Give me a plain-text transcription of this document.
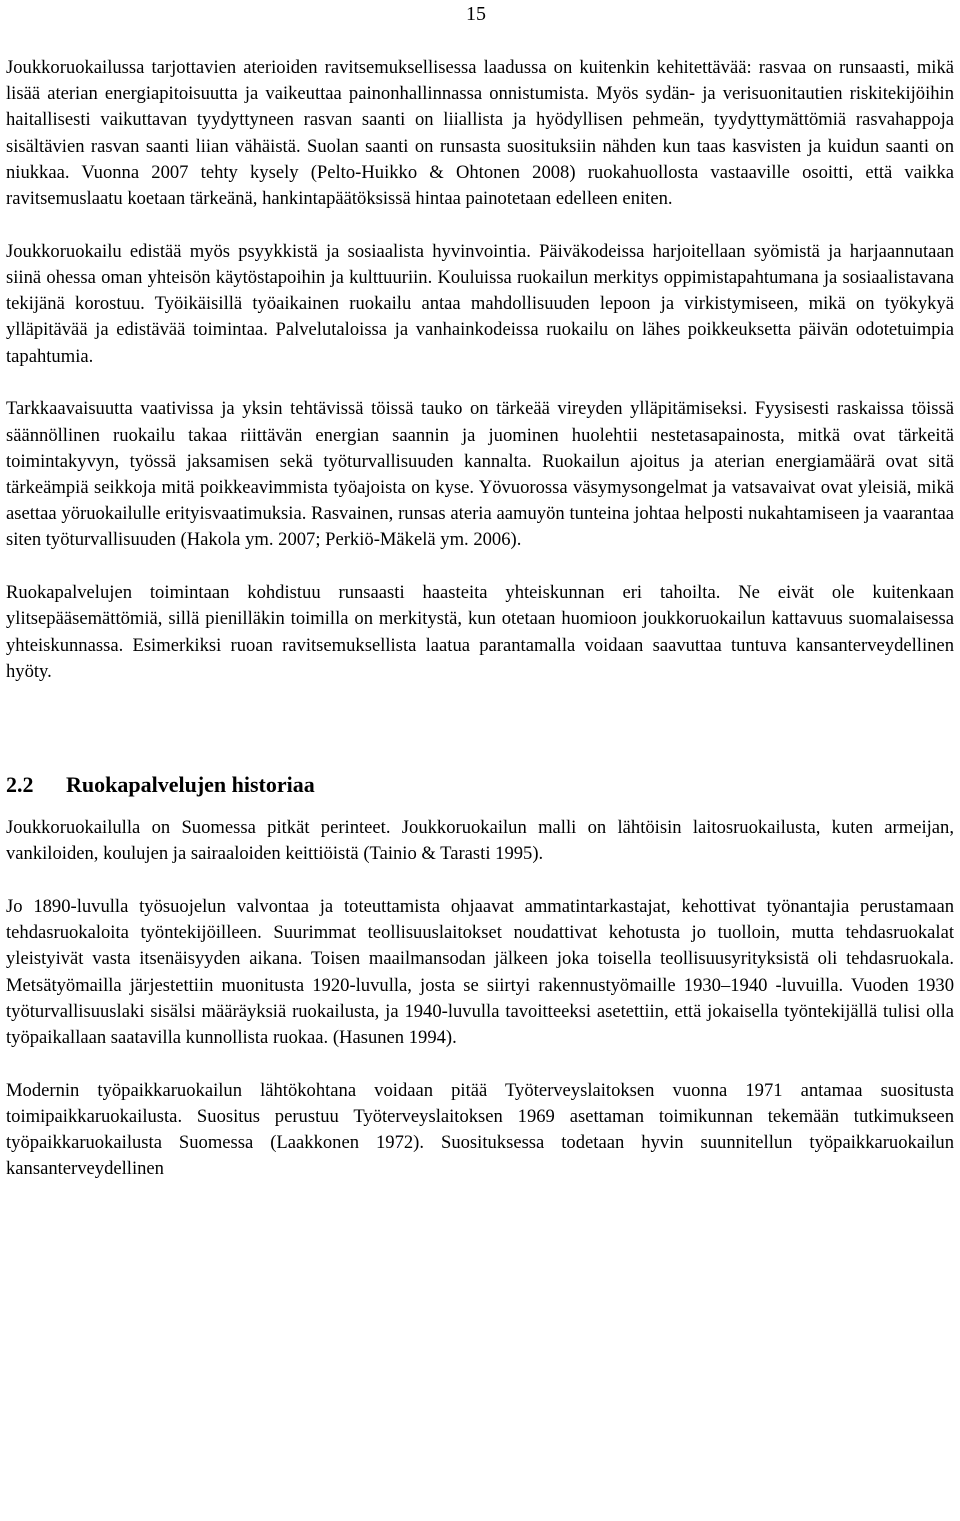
15

Joukkoruokailussa tarjottavien aterioiden ravitsemuksellisessa laadussa on kuitenkin kehitettävää: rasvaa on runsaasti, mikä lisää aterian energiapitoisuutta ja vaikeuttaa painonhallinnassa onnistumista. Myös sydän- ja verisuonitautien riskitekijöihin haitallisesti vaikuttavan tyydyttyneen rasvan saanti on liiallista ja hyödyllisen pehmeän, tyydyttymättömiä rasvahappoja sisältävien rasvan saanti liian vähäistä. Suolan saanti on runsasta suosituksiin nähden kun taas kasvisten ja kuidun saanti on niukkaa. Vuonna 2007 tehty kysely (Pelto-Huikko & Ohtonen 2008) ruokahuollosta vastaaville osoitti, että vaikka ravitsemuslaatu koetaan tärkeänä, hankintapäätöksissä hintaa painotetaan edelleen eniten.

Joukkoruokailu edistää myös psyykkistä ja sosiaalista hyvinvointia. Päiväkodeissa harjoitellaan syömistä ja harjaannutaan siinä ohessa oman yhteisön käytöstapoihin ja kulttuuriin. Kouluissa ruokailun merkitys oppimistapahtumana ja sosiaalistavana tekijänä korostuu. Työikäisillä työaikainen ruokailu antaa mahdollisuuden lepoon ja virkistymiseen, mikä on työkykyä ylläpitävää ja edistävää toimintaa. Palvelutaloissa ja vanhainkodeissa ruokailu on lähes poikkeuksetta päivän odotetuimpia tapahtumia.

Tarkkaavaisuutta vaativissa ja yksin tehtävissä töissä tauko on tärkeää vireyden ylläpitämiseksi. Fyysisesti raskaissa töissä säännöllinen ruokailu takaa riittävän energian saannin ja juominen huolehtii nestetasapainosta, mitkä ovat tärkeitä toimintakyvyn, työssä jaksamisen sekä työturvallisuuden kannalta. Ruokailun ajoitus ja aterian energiamäärä ovat sitä tärkeämpiä seikkoja mitä poikkeavimmista työajoista on kyse. Yövuorossa väsymysongelmat ja vatsavaivat ovat yleisiä, mikä asettaa yöruokailulle erityisvaatimuksia. Rasvainen, runsas ateria aamuyön tunteina johtaa helposti nukahtamiseen ja vaarantaa siten työturvallisuuden (Hakola ym. 2007; Perkiö-Mäkelä ym. 2006).

Ruokapalvelujen toimintaan kohdistuu runsaasti haasteita yhteiskunnan eri tahoilta. Ne eivät ole kuitenkaan ylitsepääsemättömiä, sillä pienilläkin toimilla on merkitystä, kun otetaan huomioon joukkoruokailun kattavuus suomalaisessa yhteiskunnassa. Esimerkiksi ruoan ravitsemuksellista laatua parantamalla voidaan saavuttaa tuntuva kansanterveydellinen hyöty.

2.2 Ruokapalvelujen historiaa

Joukkoruokailulla on Suomessa pitkät perinteet. Joukkoruokailun malli on lähtöisin laitosruokailusta, kuten armeijan, vankiloiden, koulujen ja sairaaloiden keittiöistä (Tainio & Tarasti 1995).

Jo 1890-luvulla työsuojelun valvontaa ja toteuttamista ohjaavat ammatintarkastajat, kehottivat työnantajia perustamaan tehdasruokaloita työntekijöilleen. Suurimmat teollisuuslaitokset noudattivat kehotusta jo tuolloin, mutta tehdasruokalat yleistyivät vasta itsenäisyyden aikana. Toisen maailmansodan jälkeen joka toisella teollisuusyrityksistä oli tehdasruokala. Metsätyömailla järjestettiin muonitusta 1920-luvulla, josta se siirtyi rakennustyömaille 1930–1940 -luvuilla. Vuoden 1930 työturvallisuuslaki sisälsi määräyksiä ruokailusta, ja 1940-luvulla tavoitteeksi asetettiin, että jokaisella työntekijällä tulisi olla työpaikallaan saatavilla kunnollista ruokaa. (Hasunen 1994).

Modernin työpaikkaruokailun lähtökohtana voidaan pitää Työterveyslaitoksen vuonna 1971 antamaa suositusta toimipaikkaruokailusta. Suositus perustuu Työterveyslaitoksen 1969 asettaman toimikunnan tekemään tutkimukseen työpaikkaruokailusta Suomessa (Laakkonen 1972). Suosituksessa todetaan hyvin suunnitellun työpaikkaruokailun kansanterveydellinen
